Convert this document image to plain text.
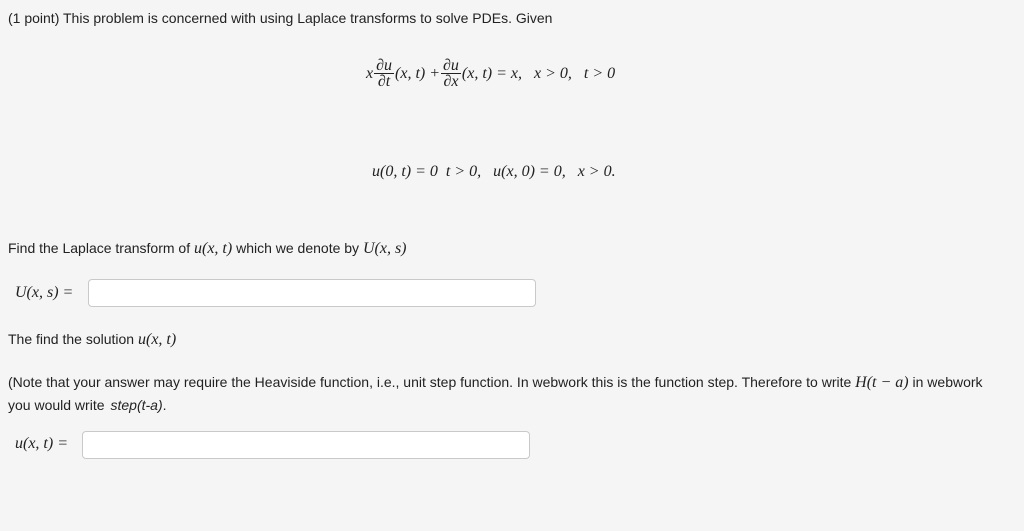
(1 point) This problem is concerned with using Laplace transforms to solve PDEs. Given
x $\frac{\partial u}{\partial t} (x$, $t) + \frac{\partial u}{\partial x} (x$, t) = x,   x > 0,   t > 0
u(0, t) = 0  t > 0,   u(x, 0) = 0,   x > 0.
Find the Laplace transform of u(x, t) which we denote by U(x, s)
U(x, s) =
The find the solution u(x, t)
(Note that your answer may require the Heaviside function, i.e., unit step function. In webwork this is the function step. Therefore to write H(t − a) in webwork you would write step(t-a).
u(x, t) =
